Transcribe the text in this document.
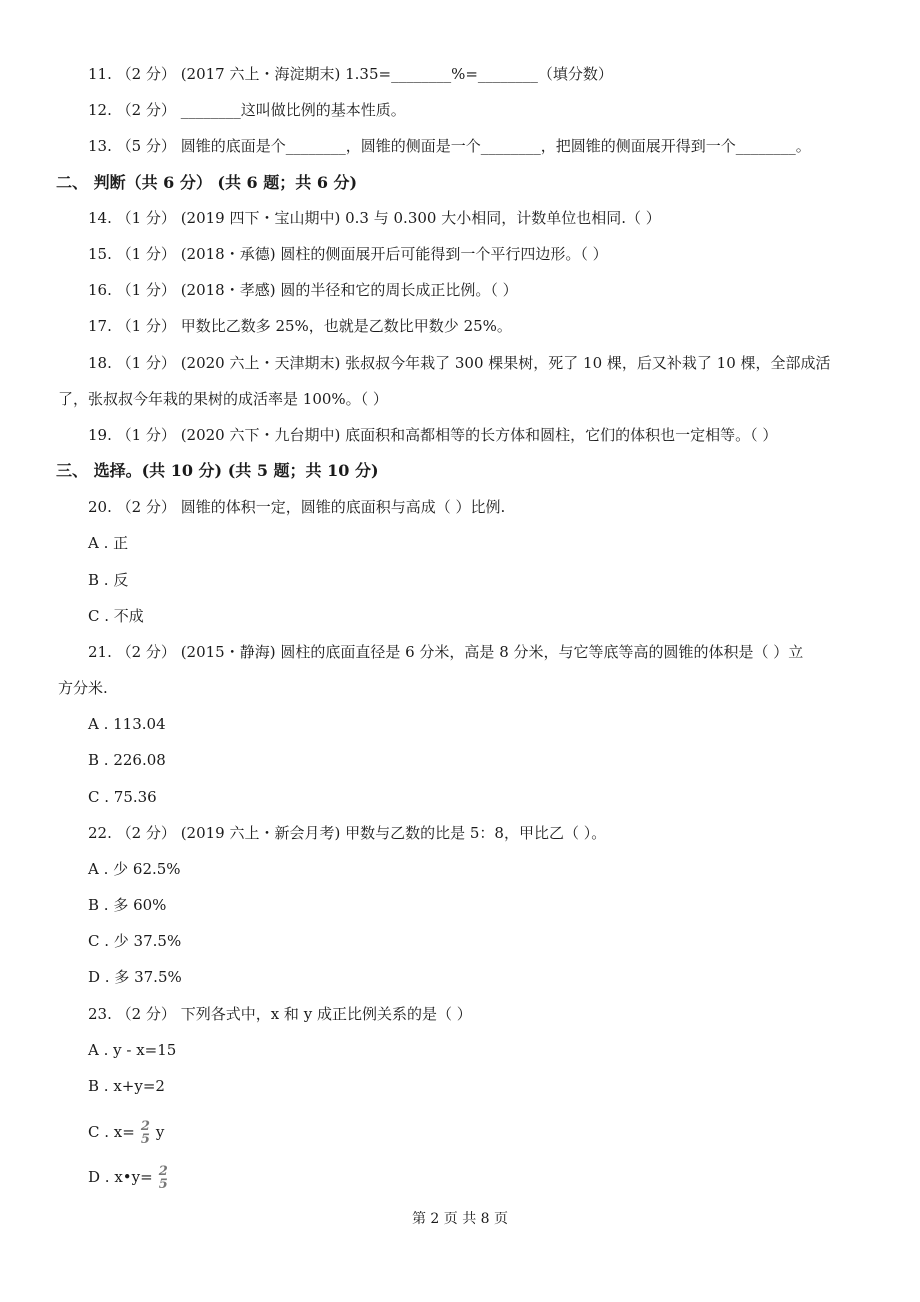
11. （2 分） (2017 六上・海淀期末) 1.35=________%=________（填分数）
12. （2 分） ________这叫做比例的基本性质。
13. （5 分） 圆锥的底面是个________，圆锥的侧面是一个________，把圆锥的侧面展开得到一个________。
二、 判断（共 6 分） (共 6 题；共 6 分)
14. （1 分） (2019 四下・宝山期中) 0.3 与 0.300 大小相同，计数单位也相同.（ ）
15. （1 分） (2018・承德) 圆柱的侧面展开后可能得到一个平行四边形。（ ）
16. （1 分） (2018・孝感) 圆的半径和它的周长成正比例。（ ）
17. （1 分） 甲数比乙数多 25%，也就是乙数比甲数少 25%。
18. （1 分） (2020 六上・天津期末) 张叔叔今年栽了 300 棵果树，死了 10 棵，后又补栽了 10 棵，全部成活
了，张叔叔今年栽的果树的成活率是 100%。（ ）
19. （1 分） (2020 六下・九台期中) 底面积和高都相等的长方体和圆柱，它们的体积也一定相等。（ ）
三、 选择。(共 10 分) (共 5 题；共 10 分)
20. （2 分） 圆锥的体积一定，圆锥的底面积与高成（ ）比例.
A . 正
B . 反
C . 不成
21. （2 分） (2015・静海) 圆柱的底面直径是 6 分米，高是 8 分米，与它等底等高的圆锥的体积是（ ）立
方分米.
A . 113.04
B . 226.08
C . 75.36
22. （2 分） (2019 六上・新会月考) 甲数与乙数的比是 5：8，甲比乙（ ）。
A . 少 62.5%
B . 多 60%
C . 少 37.5%
D . 多 37.5%
23. （2 分） 下列各式中，x 和 y 成正比例关系的是（ ）
A . y - x=15
B . x+y=2
C . x= 2
5 y
D . x•y= 2
5
第 2 页 共 8 页
